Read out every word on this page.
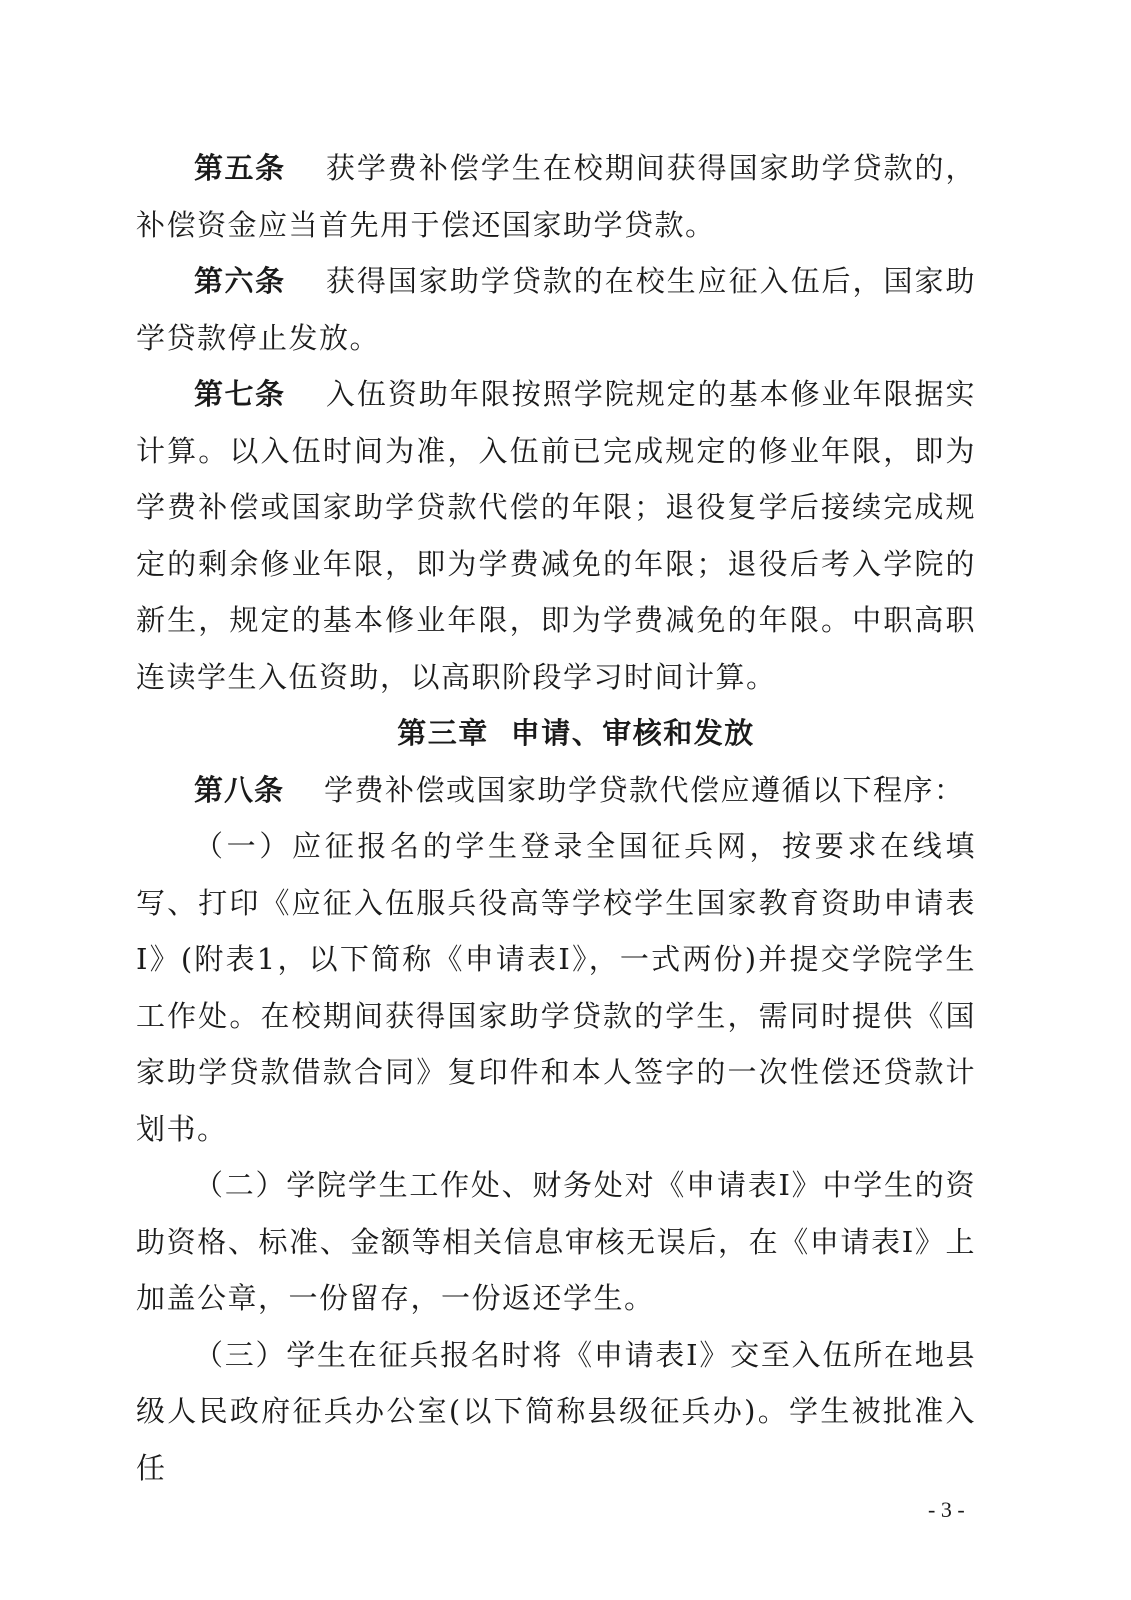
第五条 获学费补偿学生在校期间获得国家助学贷款的，补偿资金应当首先用于偿还国家助学贷款。

第六条 获得国家助学贷款的在校生应征入伍后，国家助学贷款停止发放。

第七条 入伍资助年限按照学院规定的基本修业年限据实计算。以入伍时间为准，入伍前已完成规定的修业年限，即为学费补偿或国家助学贷款代偿的年限；退役复学后接续完成规定的剩余修业年限，即为学费减免的年限；退役后考入学院的新生，规定的基本修业年限，即为学费减免的年限。中职高职连读学生入伍资助，以高职阶段学习时间计算。

第三章 申请、审核和发放

第八条 学费补偿或国家助学贷款代偿应遵循以下程序：

（一）应征报名的学生登录全国征兵网，按要求在线填写、打印《应征入伍服兵役高等学校学生国家教育资助申请表Ⅰ》(附表1，以下简称《申请表Ⅰ》，一式两份)并提交学院学生工作处。在校期间获得国家助学贷款的学生，需同时提供《国家助学贷款借款合同》复印件和本人签字的一次性偿还贷款计划书。

（二）学院学生工作处、财务处对《申请表Ⅰ》中学生的资助资格、标准、金额等相关信息审核无误后，在《申请表Ⅰ》上加盖公章，一份留存，一份返还学生。

（三）学生在征兵报名时将《申请表Ⅰ》交至入伍所在地县级人民政府征兵办公室(以下简称县级征兵办)。学生被批准入任

- 3 -
